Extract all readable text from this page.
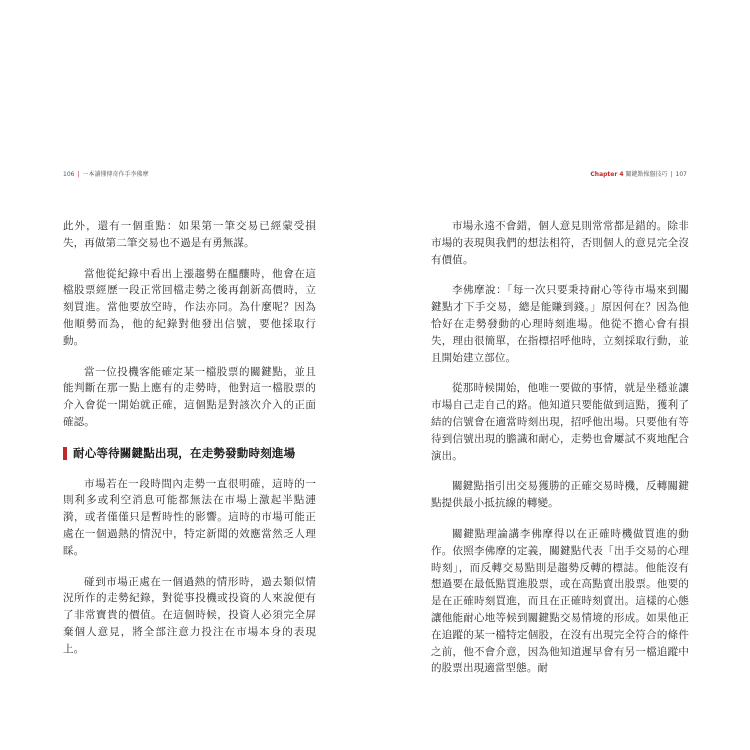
106 | 一本讀懂傳奇作手李佛摩

此外，還有一個重點：如果第一筆交易已經蒙受損失，再做第二筆交易也不過是有勇無謀。

當他從紀錄中看出上漲趨勢在醞釀時，他會在這檔股票經歷一段正常回檔走勢之後再創新高價時，立刻買進。當他要放空時，作法亦同。為什麼呢？因為他順勢而為，他的紀錄對他發出信號，要他採取行動。

當一位投機客能確定某一檔股票的關鍵點，並且能判斷在那一點上應有的走勢時，他對這一檔股票的介入會從一開始就正確，這個點是對該次介入的正面確認。

耐心等待關鍵點出現，在走勢發動時刻進場

市場若在一段時間內走勢一直很明確，這時的一則利多或利空消息可能都無法在市場上激起半點漣漪，或者僅僅只是暫時性的影響。這時的市場可能正處在一個過熱的情況中，特定新聞的效應當然乏人理睬。

碰到市場正處在一個過熱的情形時，過去類似情況所作的走勢紀錄，對從事投機或投資的人來說便有了非常寶貴的價值。在這個時候，投資人必須完全屏棄個人意見，將全部注意力投注在市場本身的表現上。

Chapter 4 關鍵點操盤技巧 | 107

市場永遠不會錯，個人意見則常常都是錯的。除非市場的表現與我們的想法相符，否則個人的意見完全沒有價值。

李佛摩說：「每一次只要秉持耐心等待市場來到關鍵點才下手交易，總是能賺到錢。」原因何在？因為他恰好在走勢發動的心理時刻進場。他從不擔心會有損失，理由很簡單，在指標招呼他時，立刻採取行動，並且開始建立部位。

從那時候開始，他唯一要做的事情，就是坐穩並讓市場自己走自己的路。他知道只要能做到這點，獲利了結的信號會在適當時刻出現，招呼他出場。只要他有等待到信號出現的膽識和耐心，走勢也會屢試不爽地配合演出。

關鍵點指引出交易獲勝的正確交易時機，反轉關鍵點提供最小抵抗線的轉變。

關鍵點理論講李佛摩得以在正確時機做買進的動作。依照李佛摩的定義，關鍵點代表「出手交易的心理時刻」，而反轉交易點則是趨勢反轉的標誌。他能沒有想過要在最低點買進股票，或在高點賣出股票。他要的是在正確時刻買進，而且在正確時刻賣出。這樣的心態讓他能耐心地等候到關鍵點交易情境的形成。如果他正在追蹤的某一檔特定個股，在沒有出現完全符合的條件之前，他不會介意，因為他知道遲早會有另一檔追蹤中的股票出現適當型態。耐
